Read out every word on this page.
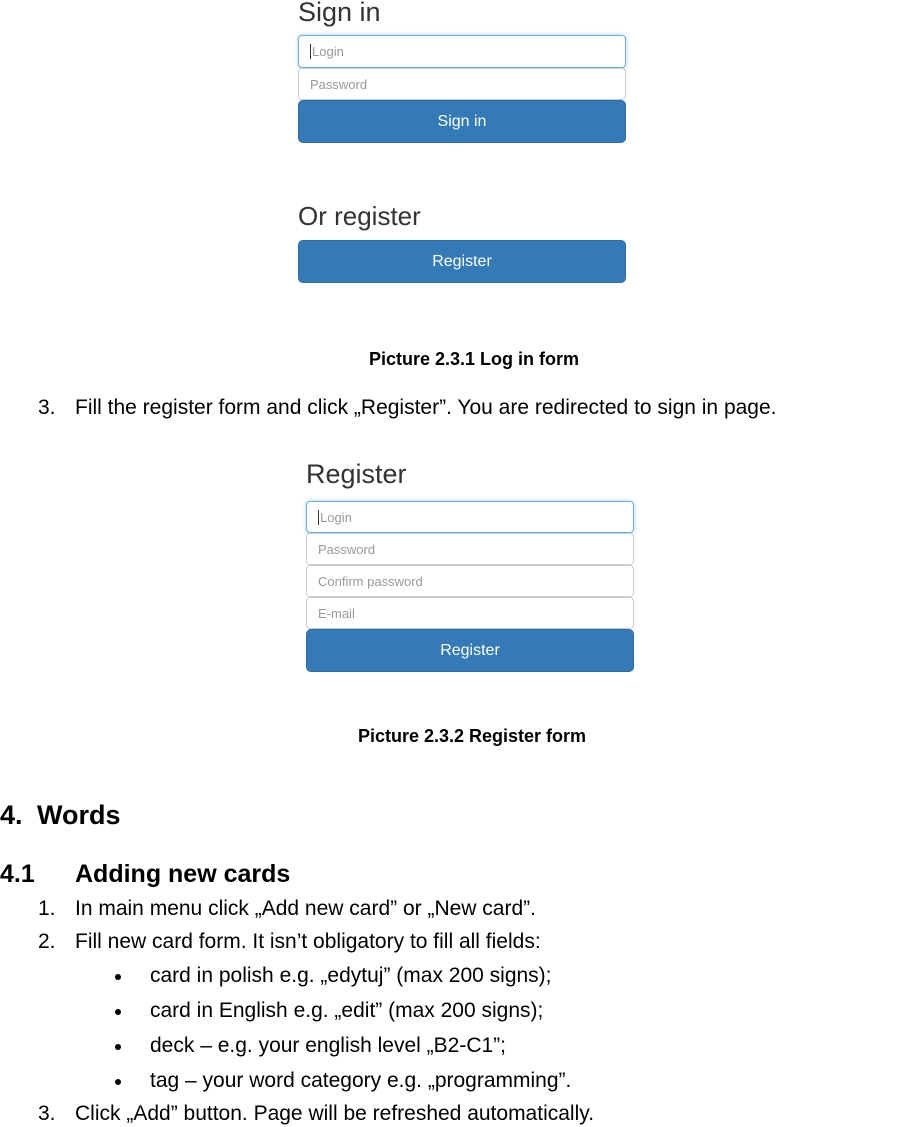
Sign in
Login
Password
Sign in
Or register
Register
Picture 2.3.1 Log in form
3. Fill the register form and click „Register”. You are redirected to sign in page.
Register
Login
Password
Confirm password
E-mail
Register
Picture 2.3.2 Register form
4. Words
4.1 Adding new cards
1. In main menu click „Add new card” or „New card”.
2. Fill new card form. It isn’t obligatory to fill all fields:
card in polish e.g. „edytuj” (max 200 signs);
card in English e.g. „edit” (max 200 signs);
deck – e.g. your english level „B2-C1”;
tag – your word category e.g. „programming”.
3. Click „Add” button. Page will be refreshed automatically.
